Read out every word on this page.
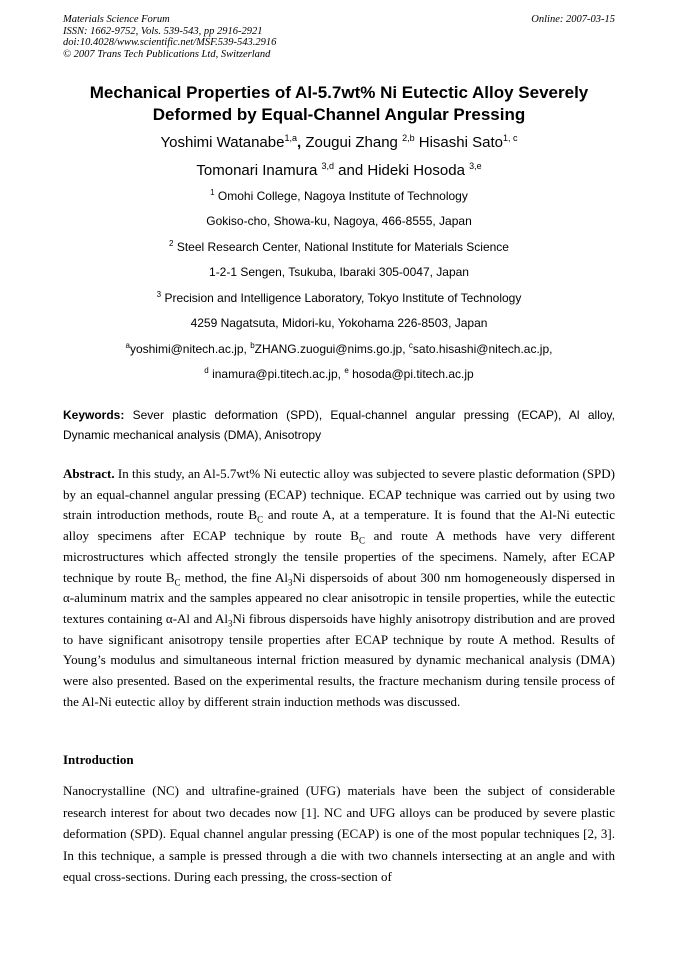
Materials Science Forum
ISSN: 1662-9752, Vols. 539-543, pp 2916-2921
doi:10.4028/www.scientific.net/MSF.539-543.2916
© 2007 Trans Tech Publications Ltd, Switzerland
Online: 2007-03-15
Mechanical Properties of Al-5.7wt% Ni Eutectic Alloy Severely
Deformed by Equal-Channel Angular Pressing
Yoshimi Watanabe$^{1,a}$, Zougui Zhang $^{2,b}$ Hisashi Sato$^{1, c}$
Tomonari Inamura $^{3,d}$ and Hideki Hosoda $^{3,e}$
$^1$ Omohi College, Nagoya Institute of Technology
Gokiso-cho, Showa-ku, Nagoya, 466-8555, Japan
$^2$ Steel Research Center, National Institute for Materials Science
1-2-1 Sengen, Tsukuba, Ibaraki 305-0047, Japan
$^3$ Precision and Intelligence Laboratory, Tokyo Institute of Technology
4259 Nagatsuta, Midori-ku, Yokohama 226-8503, Japan
$^a$yoshimi@nitech.ac.jp, $^b$ZHANG.zuogui@nims.go.jp, $^c$sato.hisashi@nitech.ac.jp,
$^d$ inamura@pi.titech.ac.jp, $^e$ hosoda@pi.titech.ac.jp
Keywords: Sever plastic deformation (SPD), Equal-channel angular pressing (ECAP), Al alloy, Dynamic mechanical analysis (DMA), Anisotropy
Abstract. In this study, an Al-5.7wt% Ni eutectic alloy was subjected to severe plastic deformation (SPD) by an equal-channel angular pressing (ECAP) technique. ECAP technique was carried out by using two strain introduction methods, route $B_C$ and route A, at a temperature. It is found that the Al-Ni eutectic alloy specimens after ECAP technique by route $B_C$ and route A methods have very different microstructures which affected strongly the tensile properties of the specimens. Namely, after ECAP technique by route $B_C$ method, the fine $Al_3Ni$ dispersoids of about 300 nm homogeneously dispersed in α-aluminum matrix and the samples appeared no clear anisotropic in tensile properties, while the eutectic textures containing α-Al and $Al_3Ni$ fibrous dispersoids have highly anisotropy distribution and are proved to have significant anisotropy tensile properties after ECAP technique by route A method. Results of Young’s modulus and simultaneous internal friction measured by dynamic mechanical analysis (DMA) were also presented. Based on the experimental results, the fracture mechanism during tensile process of the Al-Ni eutectic alloy by different strain induction methods was discussed.
Introduction
Nanocrystalline (NC) and ultrafine-grained (UFG) materials have been the subject of considerable research interest for about two decades now [1]. NC and UFG alloys can be produced by severe plastic deformation (SPD). Equal channel angular pressing (ECAP) is one of the most popular techniques [2, 3]. In this technique, a sample is pressed through a die with two channels intersecting at an angle and with equal cross-sections. During each pressing, the cross-section of
